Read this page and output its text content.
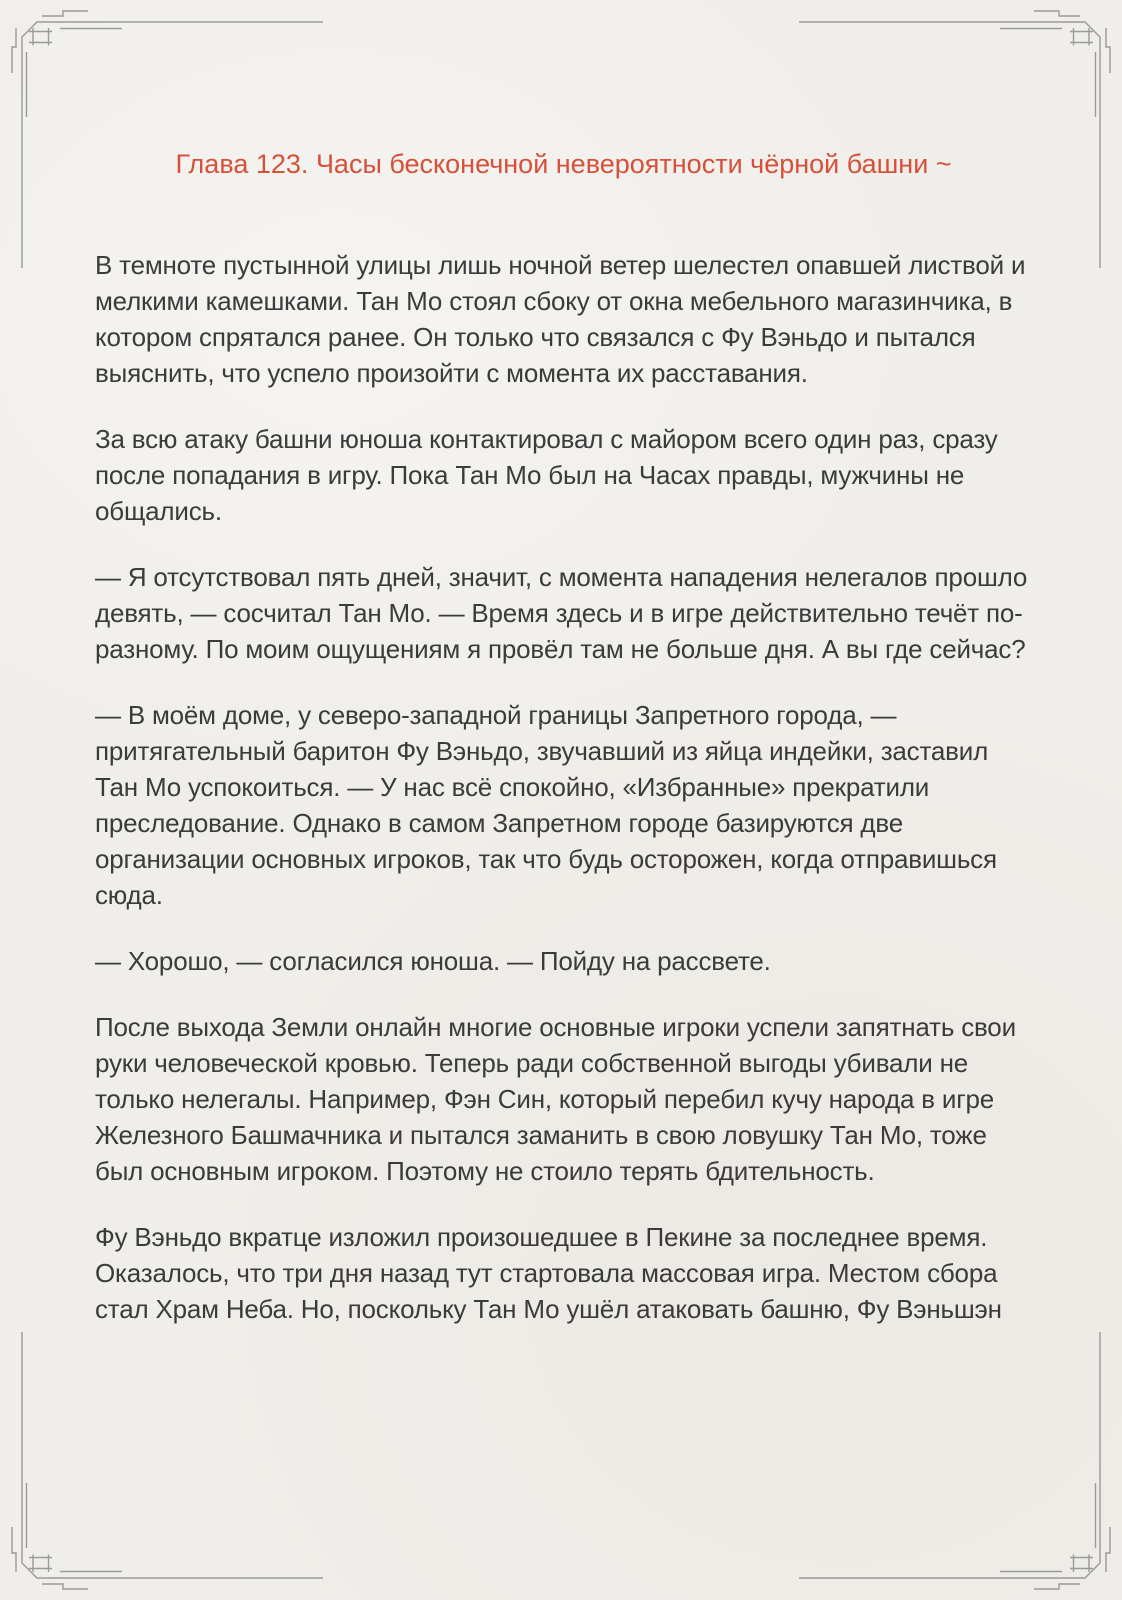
Глава 123. Часы бесконечной невероятности чёрной башни ~

В темноте пустынной улицы лишь ночной ветер шелестел опавшей листвой и мелкими камешками. Тан Мо стоял сбоку от окна мебельного магазинчика, в котором спрятался ранее. Он только что связался с Фу Вэньдо и пытался выяснить, что успело произойти с момента их расставания.

За всю атаку башни юноша контактировал с майором всего один раз, сразу после попадания в игру. Пока Тан Мо был на Часах правды, мужчины не общались.

— Я отсутствовал пять дней, значит, с момента нападения нелегалов прошло девять, — сосчитал Тан Мо. — Время здесь и в игре действительно течёт по-разному. По моим ощущениям я провёл там не больше дня. А вы где сейчас?

— В моём доме, у северо-западной границы Запретного города, — притягательный баритон Фу Вэньдо, звучавший из яйца индейки, заставил Тан Мо успокоиться. — У нас всё спокойно, «Избранные» прекратили преследование. Однако в самом Запретном городе базируются две организации основных игроков, так что будь осторожен, когда отправишься сюда.

— Хорошо, — согласился юноша. — Пойду на рассвете.

После выхода Земли онлайн многие основные игроки успели запятнать свои руки человеческой кровью. Теперь ради собственной выгоды убивали не только нелегалы. Например, Фэн Син, который перебил кучу народа в игре Железного Башмачника и пытался заманить в свою ловушку Тан Мо, тоже был основным игроком. Поэтому не стоило терять бдительность.

Фу Вэньдо вкратце изложил произошедшее в Пекине за последнее время. Оказалось, что три дня назад тут стартовала массовая игра. Местом сбора стал Храм Неба. Но, поскольку Тан Мо ушёл атаковать башню, Фу Вэньшэн
